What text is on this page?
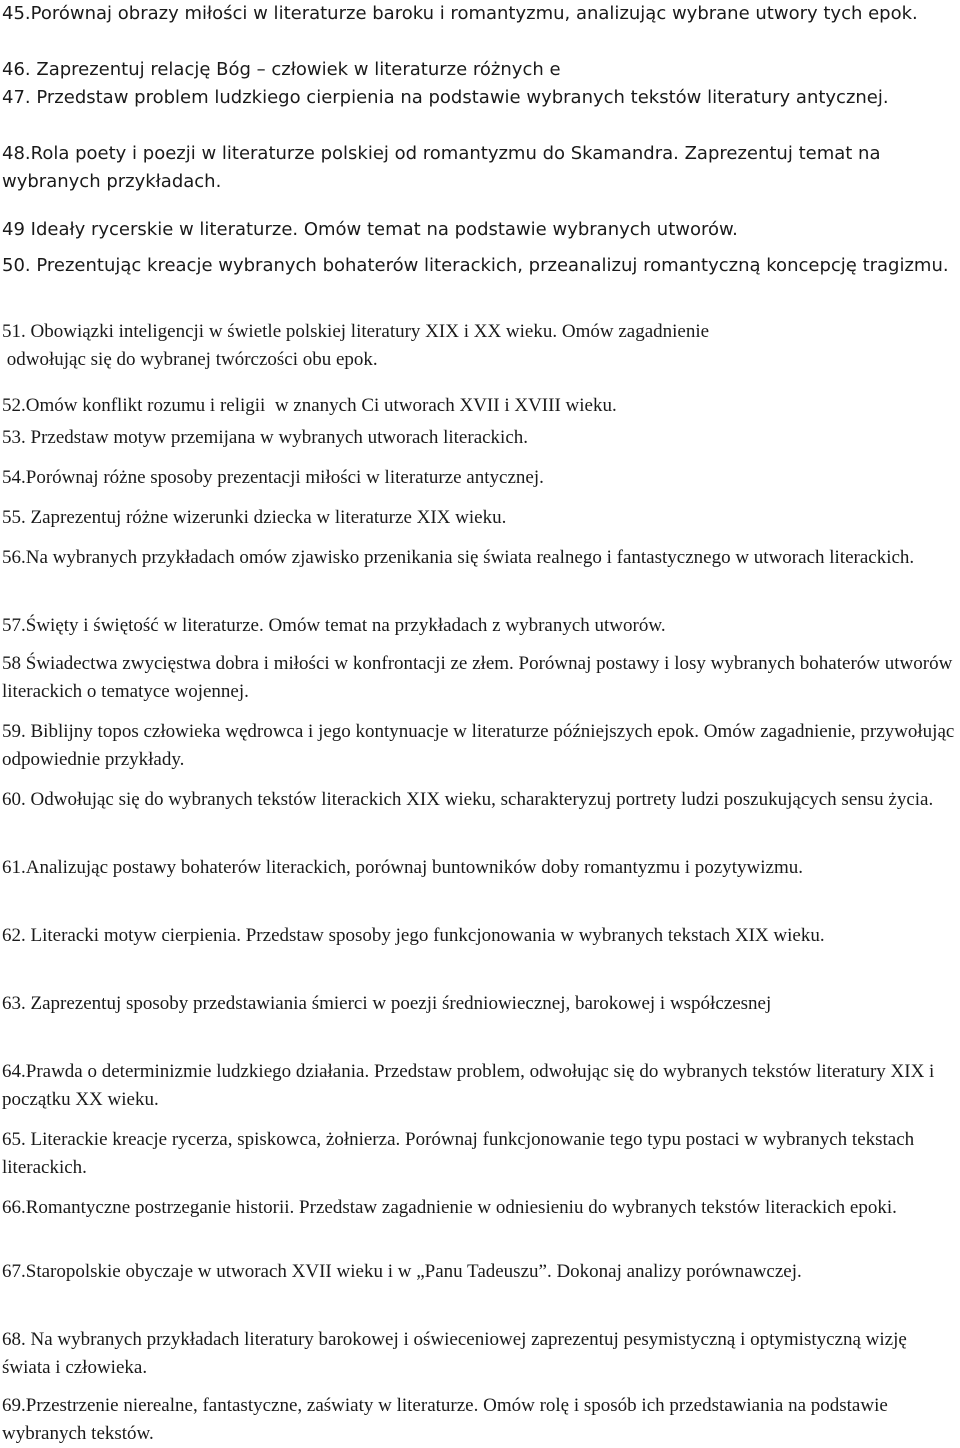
45.Porównaj obrazy miłości w literaturze baroku i romantyzmu, analizując wybrane utwory tych epok.

46. Zaprezentuj relację Bóg – człowiek w literaturze różnych e

47. Przedstaw problem ludzkiego cierpienia na podstawie wybranych tekstów literatury antycznej.

48.Rola poety i poezji w literaturze polskiej od romantyzmu do Skamandra. Zaprezentuj temat na wybranych przykładach.

49 Ideały rycerskie w literaturze. Omów temat na podstawie wybranych utworów.

50. Prezentując kreacje wybranych bohaterów literackich, przeanalizuj romantyczną koncepcję tragizmu.

51. Obowiązki inteligencji w świetle polskiej literatury XIX i XX wieku. Omów zagadnienie
odwołując się do wybranej twórczości obu epok.

52.Omów konflikt rozumu i religii  w znanych Ci utworach XVII i XVIII wieku.

53. Przedstaw motyw przemijana w wybranych utworach literackich.

54.Porównaj różne sposoby prezentacji miłości w literaturze antycznej.

55. Zaprezentuj różne wizerunki dziecka w literaturze XIX wieku.

56.Na wybranych przykładach omów zjawisko przenikania się świata realnego i fantastycznego w utworach literackich.

57.Święty i świętość w literaturze. Omów temat na przykładach z wybranych utworów.

58 Świadectwa zwycięstwa dobra i miłości w konfrontacji ze złem. Porównaj postawy i losy wybranych bohaterów utworów literackich o tematyce wojennej.

59. Biblijny topos człowieka wędrowca i jego kontynuacje w literaturze późniejszych epok. Omów zagadnienie, przywołując odpowiednie przykłady.

60. Odwołując się do wybranych tekstów literackich XIX wieku, scharakteryzuj portrety ludzi poszukujących sensu życia.

61.Analizując postawy bohaterów literackich, porównaj buntowników doby romantyzmu i pozytywizmu.

62. Literacki motyw cierpienia. Przedstaw sposoby jego funkcjonowania w wybranych tekstach XIX wieku.

63. Zaprezentuj sposoby przedstawiania śmierci w poezji średniowiecznej, barokowej i współczesnej

64.Prawda o determinizmie ludzkiego działania. Przedstaw problem, odwołując się do wybranych tekstów literatury XIX i początku XX wieku.

65. Literackie kreacje rycerza, spiskowca, żołnierza. Porównaj funkcjonowanie tego typu postaci w wybranych tekstach literackich.

66.Romantyczne postrzeganie historii. Przedstaw zagadnienie w odniesieniu do wybranych tekstów literackich epoki.

67.Staropolskie obyczaje w utworach XVII wieku i w „Panu Tadeuszu”. Dokonaj analizy porównawczej.

68. Na wybranych przykładach literatury barokowej i oświeceniowej zaprezentuj pesymistyczną i optymistyczną wizję świata i człowieka.

69.Przestrzenie nierealne, fantastyczne, zaświaty w literaturze. Omów rolę i sposób ich przedstawiania na podstawie wybranych tekstów.
